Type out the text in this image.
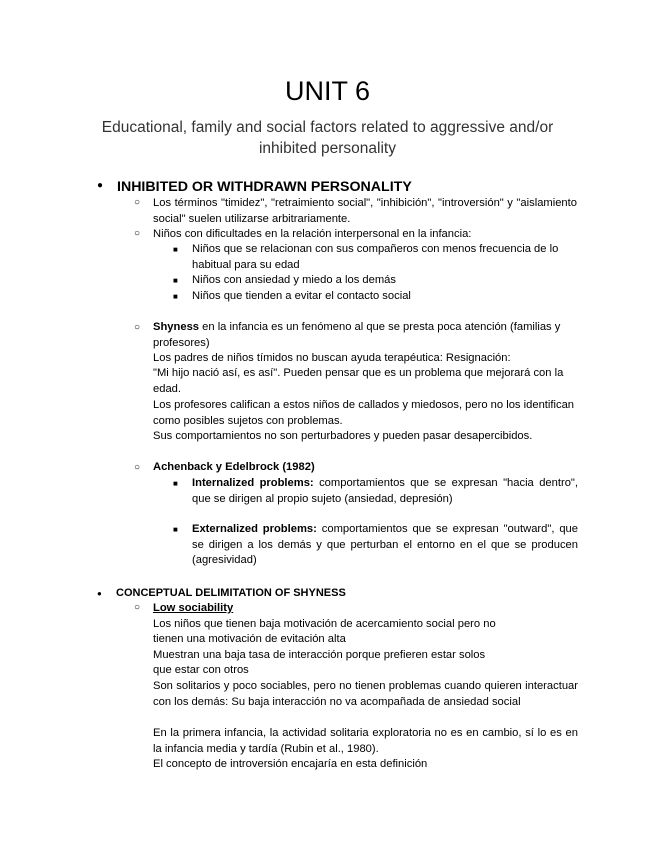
UNIT 6
Educational, family and social factors related to aggressive and/or inhibited personality
● INHIBITED OR WITHDRAWN PERSONALITY
○ Los términos "timidez", "retraimiento social", "inhibición", "introversión" y "aislamiento social" suelen utilizarse arbitrariamente.
○ Niños con dificultades en la relación interpersonal en la infancia:
■ Niños que se relacionan con sus compañeros con menos frecuencia de lo habitual para su edad
■ Niños con ansiedad y miedo a los demás
■ Niños que tienden a evitar el contacto social
○ Shyness en la infancia es un fenómeno al que se presta poca atención (familias y profesores)
Los padres de niños tímidos no buscan ayuda terapéutica: Resignación:
"Mi hijo nació así, es así". Pueden pensar que es un problema que mejorará con la edad.
Los profesores califican a estos niños de callados y miedosos, pero no los identifican como posibles sujetos con problemas.
Sus comportamientos no son perturbadores y pueden pasar desapercibidos.
○ Achenback y Edelbrock (1982)
■ Internalized problems: comportamientos que se expresan "hacia dentro", que se dirigen al propio sujeto (ansiedad, depresión)
■ Externalized problems: comportamientos que se expresan "outward", que se dirigen a los demás y que perturban el entorno en el que se producen (agresividad)
● CONCEPTUAL DELIMITATION OF SHYNESS
○ Low sociability
Los niños que tienen baja motivación de acercamiento social pero no
tienen una motivación de evitación alta
Muestran una baja tasa de interacción porque prefieren estar solos
que estar con otros
Son solitarios y poco sociables, pero no tienen problemas cuando quieren interactuar con los demás: Su baja interacción no va acompañada de ansiedad social
En la primera infancia, la actividad solitaria exploratoria no es en cambio, sí lo es en la infancia media y tardía (Rubin et al., 1980).
El concepto de introversión encajaría en esta definición
